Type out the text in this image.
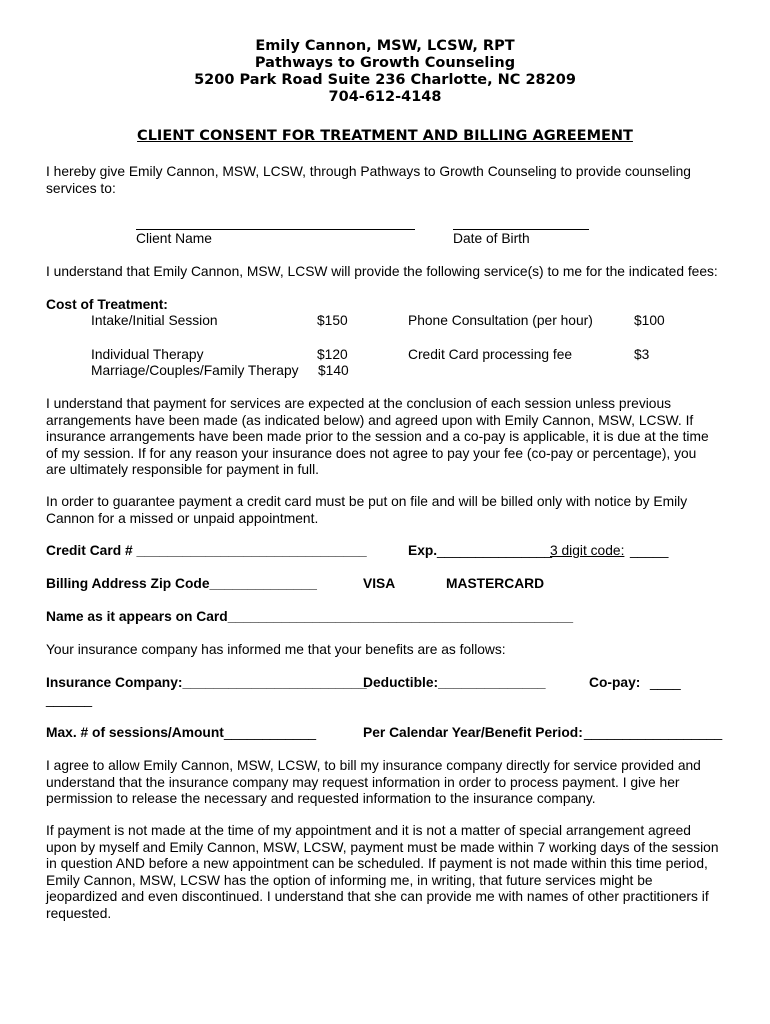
Emily Cannon, MSW, LCSW, RPT
Pathways to Growth Counseling
5200 Park Road Suite 236 Charlotte, NC 28209
704-612-4148
CLIENT CONSENT FOR TREATMENT AND BILLING AGREEMENT
I hereby give Emily Cannon, MSW, LCSW, through Pathways to Growth Counseling to provide counseling
services to:
Client Name	Date of Birth
I understand that Emily Cannon, MSW, LCSW will provide the following service(s) to me for the indicated fees:
Cost of Treatment:
Intake/Initial Session	$150	Phone Consultation (per hour)	$100
Individual Therapy	$120	Credit Card processing fee	$3
Marriage/Couples/Family Therapy $140
I understand that payment for services are expected at the conclusion of each session unless previous
arrangements have been made (as indicated below) and agreed upon with Emily Cannon, MSW, LCSW. If
insurance arrangements have been made prior to the session and a co-pay is applicable, it is due at the time
of my session. If for any reason your insurance does not agree to pay your fee (co-pay or percentage), you
are ultimately responsible for payment in full.
In order to guarantee payment a credit card must be put on file and will be billed only with notice by Emily
Cannon for a missed or unpaid appointment.
Credit Card # ______________________________	Exp. _______________
3 digit code: _____
Billing Address Zip Code______________	VISA	MASTERCARD
Name as it appears on Card_____________________________________________
Your insurance company has informed me that your benefits are as follows:
Insurance Company:________________________
Deductible:______________	Co-pay: ____
______
Max. # of sessions/Amount ____________	Per Calendar Year/Benefit Period: __________________
I agree to allow Emily Cannon, MSW, LCSW, to bill my insurance company directly for service provided and
understand that the insurance company may request information in order to process payment. I give her
permission to release the necessary and requested information to the insurance company.
If payment is not made at the time of my appointment and it is not a matter of special arrangement agreed
upon by myself and Emily Cannon, MSW, LCSW, payment must be made within 7 working days of the session
in question AND before a new appointment can be scheduled. If payment is not made within this time period,
Emily Cannon, MSW, LCSW has the option of informing me, in writing, that future services might be
jeopardized and even discontinued. I understand that she can provide me with names of other practitioners if
requested.
